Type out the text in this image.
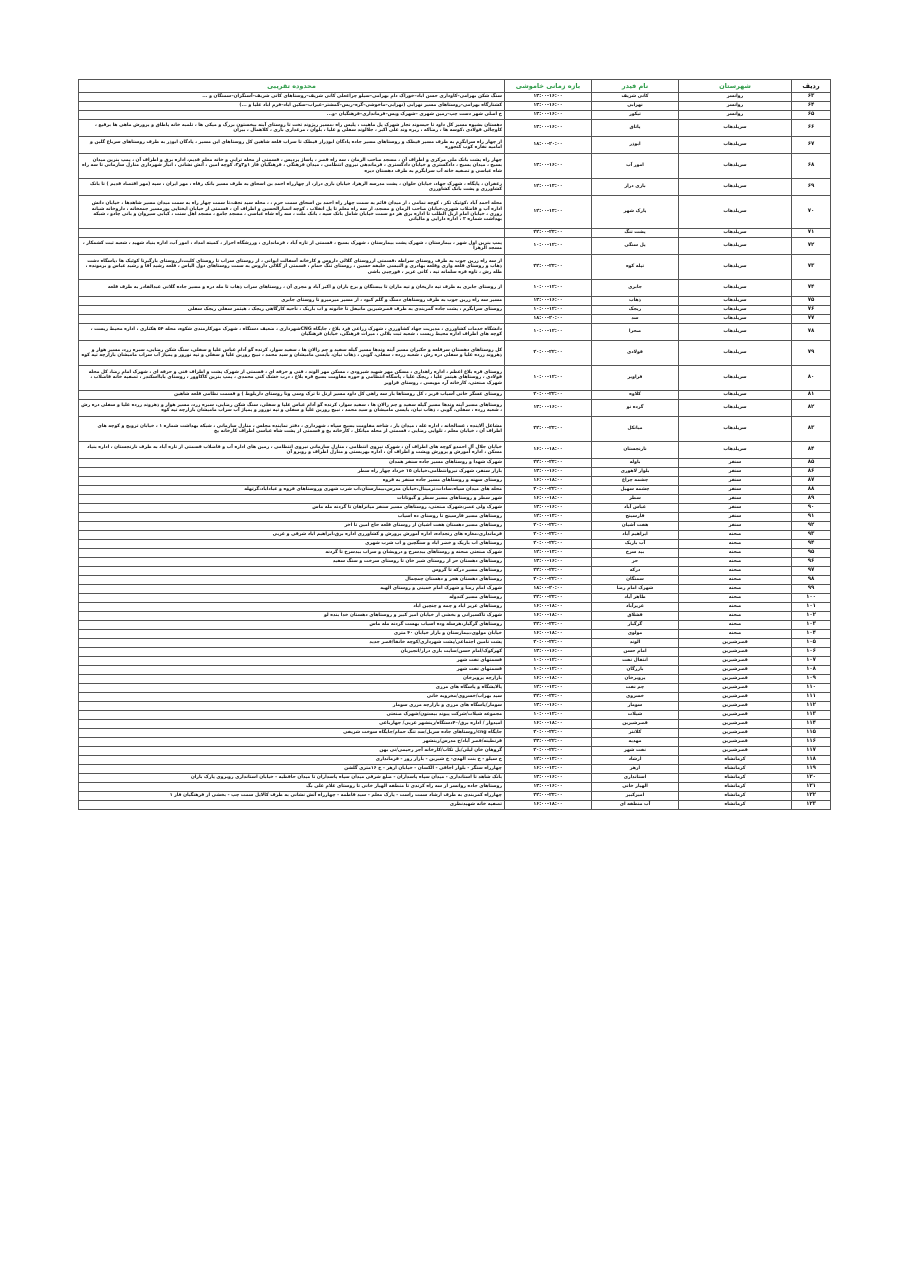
ردیف	شهرستان	نام فیدر	بازه زمانی خاموشی	محدوده تقریبی
۶۳	روانسر	کانی شریف	۱۴:۰۰-۱۶:۰۰	سنگ شکن بهرامی–کاوداری حسن اباد–خوراک دام بهرامی–سیلو چراغعلی کانی شریف–روستاهای کانی شریف–آسنگران–سمنگان و ...
۶۴	روانسر	نهرابی	۱۴:۰۰-۱۶:۰۰	کشتارگاه بهرامی–روستاهای مسیر نهرابی (نهرابی–ماخوشی–گره–ریس–گمشتر–غیراب–سکین اباد–فرم اباد علیا و ...)
۶۵	روانسر	تیکور	۱۴:۰۰-۱۶:۰۰	خ اصلی شهر دست چپ–زمین شهری –شهرک ویس–فرمانداری–فرهنگیان –و...
۶۶	سرپلذهاب	پاتاق	۱۴:۰۰-۱۶:۰۰	دهستان بشیوه مسیر کل داود تا حیسوند نجار شهرک پل ماهیت ، پلیس راه ،مسیر ریژوند تخت تا روستای آبنه بیخستون بزرگ و میکی ها ، تلمبه خانه پاطاق و پرورش ماهی ها برقیع ، کاوچالی قولادی ،کوسه ها ، رضاکه ، ریزه وند علی اکبر ، جلالوند سفلی و علیا ، بلوان ، مرغداری باری ، کلاهمال ، بیران
۶۷	سرپلذهاب	ابوذر	۱۸:۰۰-۲۰:۰۰	از چهار راه سرابگرم به طرف مسیر قیطک و روستاهای مسیر جاده پادگان ابوذراز قیطک تا سراب قلعه شاهین کل روستاهای این مسیر ، پادگان ابوذر به طرف روستاهای سرباغ گلین و امامیه نقاره کوب کنجوره
۶۸	سرپلذهاب	امور آب	۱۴:۰۰-۱۶:۰۰	چهار راه پشت بانک ملی مرکزی و اطراف آن ، مسجد صاحب الزمان ، سه راه قصر ، پاساژ پردیس ، قسمتی از محله ترابی و خانه معلم قدیم، اداره برق و اطراف آن ، پمپ بنزین میدان بسیج ، میدان بسیج ، دادگستری و خیابان دادگستری ، فرماندهی نیروی انتظامی ، میدان فرهنگی ، فرهنگیان فاز ۱و۲و۳، کوچه امین ، آتش نشانی ، انبار شهرداری منازل سازمانی تا سه راه شاه عباسی و تصفیه خانه آب سرابگرم به طرف دهستان دیره
۶۹	سرپلذهاب	بازی دراز	۱۲:۰۰-۱۴:۰۰	زعفران ، پایگاه ، شهرک جهاد، خیابان حلوان ، پشت مدرسه الزهرا، خیابان بازی دراز، از چهارراه احمد بن اسحاق به طرف مسیر بانک رفاه ، مهر ایران ، سپه (مهر اقتصاد قدیم ) تا بانک کشاورزی و پشت بانک کشاورزی
۷۰	سرپلذهاب	پارک شهر	۱۲:۰۰-۱۴:۰۰	محله احمد آباد ،کوثیک تکر ، کوچه نمامی ، از میدان قائم به سمت چهار راه احمد بن اسحاق سمت حرم ، ، محله سید نجف،تا سمت چهار راه به سمت میدان مسیر شاهدها ، خیابان دانش اداره آب و فاضلاب شهری،خیابان صاحب الزمان و مسجد، از سه راه معلم تا پل انقلاب ، کوچه انصارالحسین و اطراف آن ، قسمتی از خیابان ایختاپی پورمسیر جمعخانه ، داروخانه شبانه روزی ، خیابان امام اربل الطلب تا اداره برق هر دو سمت خیابان شامل بانک سپه ، بانک ملت ، سه راه شاه عباسی ، مسجد جامع ، مسجد اهل سنت ، کبابی سیروان و بانی چادو ، شبکه بهداشت شماره ۲ ، اداره دارایی و مالیاتی
۷۱	سرپلذهاب	پشت تنگ	۲۲:۰۰-۲۴:۰۰	
۷۲	سرپلذهاب	پل سنگی	۱۰:۰۰-۱۲:۰۰	پمپ بنزین اول شهر ، بیمارستان ، شهرک پشت بیمارستان ، شهرک بسیج ، قسمتی از تازه آباد ، فرمانداری ، ورزشگاه احرار ، کمیته امداد ، امور آب، اداره بنیاد شهید ، شعبه ثبت کشمکار ، مسجد الزهرا
۷۳	سرپلذهاب	تپله کوه	۲۲:۰۰-۲۴:۰۰	از سه راه زرین جوب به طرف روستای سراطه ،قسمتی ازروستای گلالی داروس و کارخانه آسفالت ایوانی ، از روستای سراب تا روستای کلیت،ازروستای بازگیرتا کوئیک ها ،پاسگاه دشت ذهاب و روستای قلعه واری وقلعه بهادری و النبسی خلیفه حسین ، روستای تنگ حمام ، قسمتی از گلالی داروس به سمت روستاهای دول الیاس ، قلعه رشید آقا و رشید عباس و برمونده ، طله رش ، تاوه قره سلمانه تپه ، کانی عزیز ، قورچیی باشی
۷۴	سرپلذهاب	جابری	۱۰:۰۰-۱۲:۰۰	از روستای جابری به طرف تپه داریخان و تپه ماران تا بیستگان و برخ بازان و اکبر آباد و مجری آن ، روستاهای سراب ذهاب تا مله دره و مسیر جاده گلانی عبدالقادر به طرف قلعه
۷۵	سرپلذهاب	ذهاب	۱۴:۰۰-۱۶:۰۰	مسیر سه راه زرین جوب به طرف روستاهای دمنگ و گلم کبود ، از مسیر میرمیرو تا روستای جابری
۷۶	سرپلذهاب	ریجک	۱۰:۰۰-۱۲:۰۰	روستای سرابگرم ، پشت جاده گمربندی به طرف قصرشیرین مانیفل تا خانونه و اب باریک ، ناحیه کارگاهی ریجک ، هیثمر سفلی ریجک سفلی
۷۷	سرپلذهاب	سد	۱۸:۰۰-۲۰:۰۰	
۷۸	سرپلذهاب	صحرا	۱۰:۰۰-۱۲:۰۰	دانشگاه خدمات کشاورزی ، مدیریت جهاد کشاورزی ، شهرک زراعی فرد بلاغ ، جایگاه CNGشهرداری ، ضعیف دستگاه ، شهرک مهرکارمندی شکوه، محله ۵۴ هکتاری ، اداره محیط زیست ، کوچه های اطراف اداره محیط زیست ، شعبه ثبت بلالی ، میراث فرهنگی، خیابان فرهنگیان
۷۹	سرپلذهاب	فولادی	۲۰:۰۰-۲۲:۰۰	کل روستاهای دهستان سرقلعه و حکیران مسیر آینه وندها مسیر گیله سفید و چم زالان ها ، سفید سوار، کرنده گو آدام عباس علیا و سفلی، سنگ شکن رضایی، سبزه زرد، مسیر هوار و ذهروند زرده علیا و سفلی دره رش ، شعبه زرده ، سفلی، گوبی ، ذهاب نیان، بایسی مامیشان و سید محمد ، نبیج روزبن علیا و سفلی و تپه نوروز و پمپاژ آب سراب مامیشان بازارچه تپه کوه
۸۰	سرپلذهاب	فراویز	۱۰:۰۰-۱۲:۰۰	روستای قره بلاغ اعظم ، اداره راهداری ، مسکن مهر شهید شیرودی ، مسکن مهر الوند ، فنی و حرفه ای ، قسمتی از شهرک پشت و اطراف فنی و حرفه ای ، شهرک امام رضا، کل محله فولادی ، روستاهای هیتمر علیا ، ریجک علیا ، پاسگاه انتظامی و حوزه مقاومت بسیج قره بلاغ ، درب خشک کنی محمدی ، پمپ بنزین کاکاوور ، روستای بابااسکندر ، تصفیه خانه فاضلاب ، شهرک صنعتی، کارخانه آرد مویسی ، روستای فراویز
۸۱	سرپلذهاب	کلاوه	۲۰:۰۰-۲۲:۰۰	روستای عسگر خانی آسیاب قربز ، کل روستاها باز سه راهی کل داود مسیر ازنل تا ترک وسی ونا روستای داربلوط ) و قسمت نظامی قلعه شاهین
۸۲	سرپلذهاب	گرده نو	۱۴:۰۰-۱۶:۰۰	روستاهای مسیر آینه وندها مسیر گیله سفید و چم زالان ها ، سفید سوار، کرنده گو آدام عباس علیا و سفلی، سنگ شکن رضایی، سبزه زرد، مسیر هوار و ذهروند زرده علیا و سفلی دره رش ، شعبه زرده ، سفلی، گوبی ، ذهاب نیان، بایسی مامیشان و سید محمد ، نبیج روزبن علیا و سفلی و تپه نوروز و پمپاژ آب سراب مامیشان بازارچه تپه کوه
۸۳	سرپلذهاب	میانکل	۲۲:۰۰-۲۴:۰۰	مشاغل آلاینده ، غسالخانه ، اداره غله ، میدان بار ، شاخه مقاومت بسیج سپاه ، شهرداری ، دفتر نماینده مجلس ، منازل سازمانی ، شبکه بهداشت شماره ۱ ، خیابان ترویج و کوچه های اطراف آن ، خیابان معلم ، تلوایی رضایی ، قسمتی از محله میانکل ، کارخانه یخ و قسمتی از پشت شاه عباسی اطراف کارخانه یخ
۸۴	سرپلذهاب	نارنجستان	۱۶:۰۰-۱۸:۰۰	خیابان جلال آل احمدو کوچه های اطراف آن ، شهرک نیروی انتظامی ، منازل سازمانی نیروی انتظامی ، زمین های اداره آب و فاضلاب قسمتی از تازه آباد به طرف نارنجستان ، اداره بنیاد مسکن ، اداره آموزش و پرورش وپشت و اطراف آن ، اداره بهزیستی و منازل اطراف و روبرو آن
۸۵	سنقر	باوله	۲۲:۰۰-۲۴:۰۰	شهرک شهدا و روستاهای مسیر جاده سنقر همدان
۸۶	سنقر	بلوار لاهوری	۱۴:۰۰-۱۶:۰۰	بازار سنقر، شهرک نیروانتظامی،خیابان ۱۵ خرداد چهار راه سطر
۸۷	سنقر	چشمه چراغ	۱۶:۰۰-۱۸:۰۰	روستای سهنه و روستاهای مسیر جاده سنقر به فروه
۸۸	سنقر	چشمه سهیل	۲۰:۰۰-۲۲:۰۰	محله های میدان سپاه،سادات،ترمینال،خیابان مدرس،بیمارستان،اب شرب شهری وروستاهای فروه و عباداباد،گرتهله
۸۹	سنقر	سطر	۱۶:۰۰-۱۸:۰۰	شهر سطر و روستاهای مسیر سطر و گیوناتات
۹۰	سنقر	عباس آباد	۱۴:۰۰-۱۶:۰۰	شهرک ولی عصر،شهرک صنعتی، روستاهای مسیر سنقر میانراهان تا گردنه مله ماس
۹۱	سنقر	فارسینج	۱۲:۰۰-۱۴:۰۰	روستاهای مسیر فارسینج تا روستای ده اسیاب
۹۲	سنقر	هفت آشیان	۲۰:۰۰-۲۲:۰۰	روستاهای مسیر دهستان هفت اشیان از روستای قلعه حاج امین تا اخر
۹۳	صحنه	ابراهیم آباد	۲۰:۰۰-۲۲:۰۰	فرمانداری،مغازه های زنجداده، اداره آموزش پرورش و کشاورزی اداره برق،ابراهیم اباد شرقی و غربی
۹۴	صحنه	آب باریک	۲۰:۰۰-۲۲:۰۰	روستاهای اب باریک و خضر اباد و سنگچین و اب شرب شهری
۹۵	صحنه	بید سرخ	۱۲:۰۰-۱۴:۰۰	شهرک صنعتی صحنه و روستاهای بیدسرخ و درویشان و سراب بیدسرخ تا گردنه
۹۶	صحنه	حر	۱۴:۰۰-۱۶:۰۰	روستاهای دهستان حر از روستای شیر خان تا روستای سرخت و سنگ سفید
۹۷	صحنه	درکه	۲۲:۰۰-۲۴:۰۰	روستاهای مسیر درکه تا گروس
۹۸	صحنه	سمنگان	۲۰:۰۰-۲۲:۰۰	روستاهای دهستان هجر و دهستان چمچمال
۹۹	صحنه	شهرک امام رضا	۱۸:۰۰-۲۰:۰۰	شهرک امام رضا و شهرک امام خمینی و روستای الهیه
۱۰۰	صحنه	طاهر آباد	۲۲:۰۰-۲۴:۰۰	روستاهای مسیر کندوله
۱۰۱	صحنه	عزیزآباد	۱۶:۰۰-۱۸:۰۰	روستاهای عزیز اباد و چمه و چنچین اباد
۱۰۲	صحنه	قشلاق	۱۶:۰۰-۱۸:۰۰	شهرک تاکسیرانی و بخشی از خیابان امیر کبیر و روستاهای دهستان خدا بنده لو
۱۰۳	صحنه	گرگبار	۲۲:۰۰-۲۴:۰۰	روستاهای گرگبار،هرسله وده اسیاب بهست گردنه مله ماس
۱۰۴	صحنه	مولوی	۱۶:۰۰-۱۸:۰۰	خیابان مولوی،بیمارستان و بازار خیابان ۴۰ متری
۱۰۵	قصرشیرین	الوند	۲۰:۰۰-۲۲:۰۰	پشت تامین اجتماعی/پشت شهرداری/کوچه خانقا/قصر جدید
۱۰۶	قصرشیرین	امام حسن	۱۴:۰۰-۱۶:۰۰	کهرکوک/امام حسن/سایت بازی دراز/انجیربان
۱۰۷	قصرشیرین	انتقال نفت	۱۰:۰۰-۱۲:۰۰	قسمتهای نفت شهر
۱۰۸	قصرشیرین	بازرگان	۱۰:۰۰-۱۲:۰۰	قسمتهای نفت شهر
۱۰۹	قصرشیرین	پرویزخان	۱۶:۰۰-۱۸:۰۰	بازارچه پرویزخان
۱۱۰	قصرشیرین	چم نفت	۱۲:۰۰-۱۴:۰۰	پالایشگاه و پاسگاه های مرزی
۱۱۱	قصرشیرین	خسروی	۲۲:۰۰-۲۴:۰۰	سید بهراب/خسروی/مخروبه خانی
۱۱۲	قصرشیرین	سومار	۱۴:۰۰-۱۶:۰۰	سومار/پاسگاه های مرزی و بازارچه مرزی سومار
۱۱۳	قصرشیرین	شیلات	۱۰:۰۰-۱۲:۰۰	مجموعه شیلات/شرکت پیوند بیستون/شهرک صنعتی
۱۱۴	قصرشیرین	قصرشیرین	۱۶:۰۰-۱۸:۰۰	امیدوار / اداره برق/۴۰دستگاه/زینشهر غربی/ جهارباغی
۱۱۵	قصرشیرین	کلانتر	۲۰:۰۰-۲۲:۰۰	جایگاه cng/روستاهای جاده سربل/سد تنگ حمام/جایگاه سوخت شریفی
۱۱۶	قصرشیرین	مهدیه	۲۴:۰۰-۲۲:۰۰	قرنطینه/قصر آباد/خ مدرس/زینشهر
۱۱۷	قصرشیرین	نفت شهر	۲۰:۰۰-۲۲:۰۰	گروهان خان لیلی/پل تکاب/کارخانه آجر رحیمی/نی بهن
۱۱۸	کرمانشاه	ارشاد	۱۲:۰۰-۱۴:۰۰	خ سیلو - خ بنت الهدی- خ شیرین - بازار روز - فرمانداری
۱۱۹	کرمانشاه	ازهر	۱۶:۰۰-۱۴:۰۰	چهارراه سنگر - بلوار اجاقی - الکسان - خیابان ازهر - خ ۱۶متری گلشن
۱۲۰	کرمانشاه	استانداری	۱۴:۰۰-۱۶:۰۰	بانک شاهد تا استانداری - میدان سپاه پاسداران - ضلع شرقی میدان سپاه پاسداران تا میدان حافظیه - خیابان استانداری روبروی پارک باران
۱۲۱	کرمانشاه	الهیار خانی	۱۴:۰۰-۱۶:۰۰	روستاهای جاده روانسر از سه راه کرندی تا منطقه الهیار خانی تا روستای غلام علی بگ
۱۲۲	کرمانشاه	امیرکبیر	۲۲:۰۰-۲۴:۰۰	چهارراه کمربندی به طرف ارشاد سمت راست - پارک معلم - سید فاطمه - چهارراه آتش نشانی به طرف کالایل سمت چپ - بخشی از فرهنگیان فاز ۱
۱۲۳	کرمانشاه	آب منطقه ای	۱۶:۰۰-۱۸:۰۰	تصفیه خانه شهیدنظری
